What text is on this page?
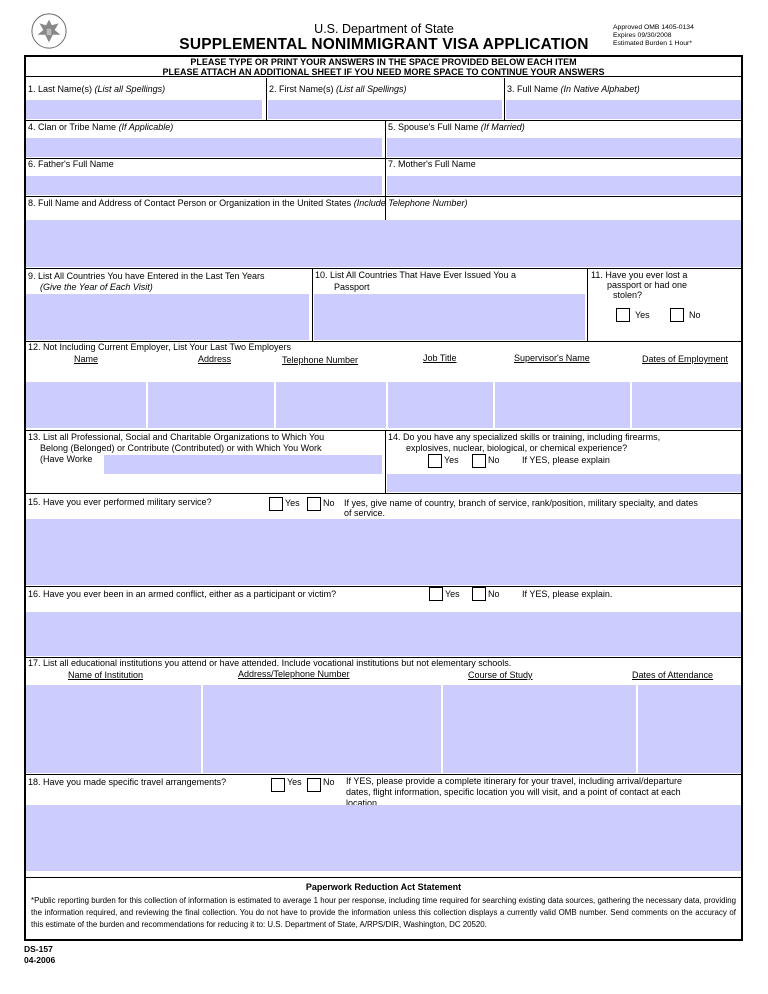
U.S. Department of State
SUPPLEMENTAL NONIMMIGRANT VISA APPLICATION
Approved OMB 1405-0134
Expires 09/30/2008
Estimated Burden 1 Hour*
PLEASE TYPE OR PRINT YOUR ANSWERS IN THE SPACE PROVIDED BELOW EACH ITEM
PLEASE ATTACH AN ADDITIONAL SHEET IF YOU NEED MORE SPACE TO CONTINUE YOUR ANSWERS
1. Last Name(s) (List all Spellings)	2. First Name(s) (List all Spellings)	3. Full Name (In Native Alphabet)
4. Clan or Tribe Name (If Applicable)	5. Spouse's Full Name (If Married)
6. Father's Full Name	7. Mother's Full Name
8. Full Name and Address of Contact Person or Organization in the United States (Include Telephone Number)
9. List All Countries You have Entered in the Last Ten Years
(Give the Year of Each Visit)
10. List All Countries That Have Ever Issued You a
Passport
11. Have you ever lost a
passport or had one
stolen?
Yes	No
12. Not Including Current Employer, List Your Last Two Employers
Name	Address	Telephone Number	Job Title	Supervisor's Name	Dates of Employment
13. List all Professional, Social and Charitable Organizations to Which You
Belong (Belonged) or Contribute (Contributed) or with Which You Work
(Have Worke
14. Do you have any specialized skills or training, including firearms,
explosives, nuclear, biological, or chemical experience?
Yes	No If YES, please explain
15. Have you ever performed military service?	Yes	No If yes, give name of country, branch of service, rank/position, military specialty, and dates
of service.
16. Have you ever been in an armed conflict, either as a participant or victim?	Yes	No If YES, please explain.
17. List all educational institutions you attend or have attended. Include vocational institutions but not elementary schools.
Name of Institution	Address/Telephone Number	Course of Study	Dates of Attendance
18. Have you made specific travel arrangements?	Yes No If YES, please provide a complete itinerary for your travel, including arrival/departure
dates, flight information, specific location you will visit, and a point of contact at each
location
Paperwork Reduction Act Statement
*Public reporting burden for this collection of information is estimated to average 1 hour per response, including time required for searching existing data sources, gathering the necessary data, providing the information required, and reviewing the final collection. You do not have to provide the information unless this collection displays a currently valid OMB number. Send comments on the accuracy of this estimate of the burden and recommendations for reducing it to: U.S. Department of State, A/RPS/DIR, Washington, DC 20520.
DS-157
04-2006
